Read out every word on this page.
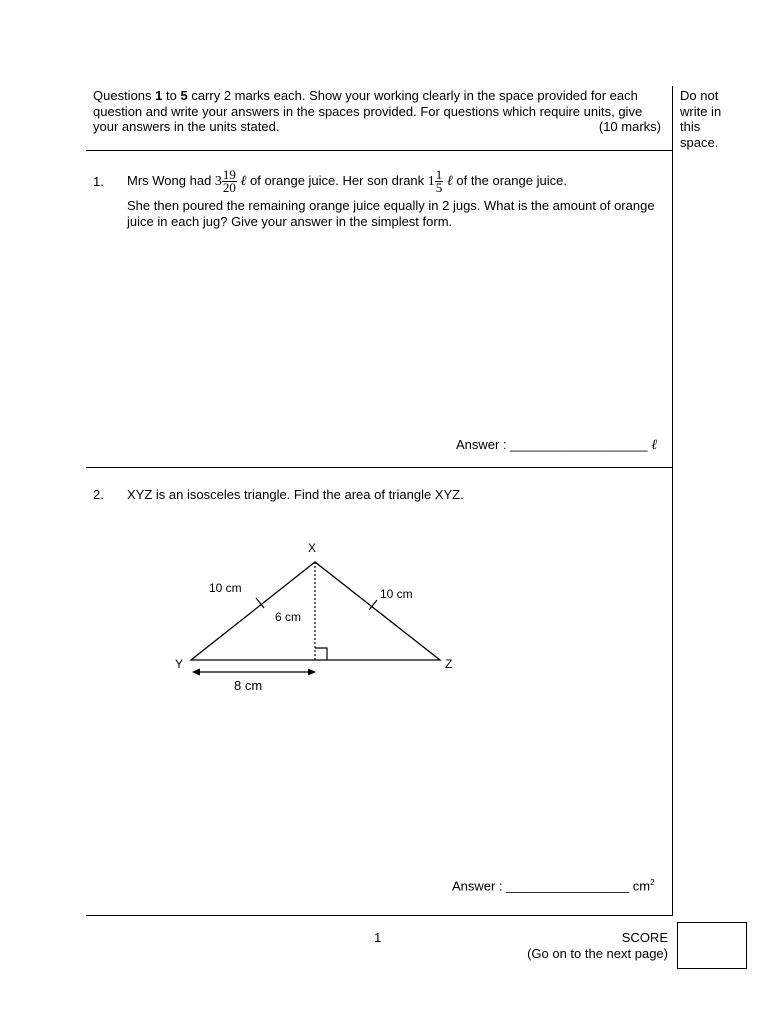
Questions 1 to 5 carry 2 marks each. Show your working clearly in the space provided for each question and write your answers in the spaces provided. For questions which require units, give your answers in the units stated.	(10 marks)
Do not write in this space.
1. Mrs Wong had $3 \frac{19}{20}$ ℓ of orange juice. Her son drank $1 \frac{1}{5}$ ℓ of the orange juice.
She then poured the remaining orange juice equally in 2 jugs. What is the amount of orange juice in each jug? Give your answer in the simplest form.
Answer : ___________________ ℓ
2. XYZ is an isosceles triangle. Find the area of triangle XYZ.
X
Y	Z
10 cm	10 cm
6 cm
8 cm
Answer : _________________ $cm^2$
1	SCORE
(Go on to the next page)
